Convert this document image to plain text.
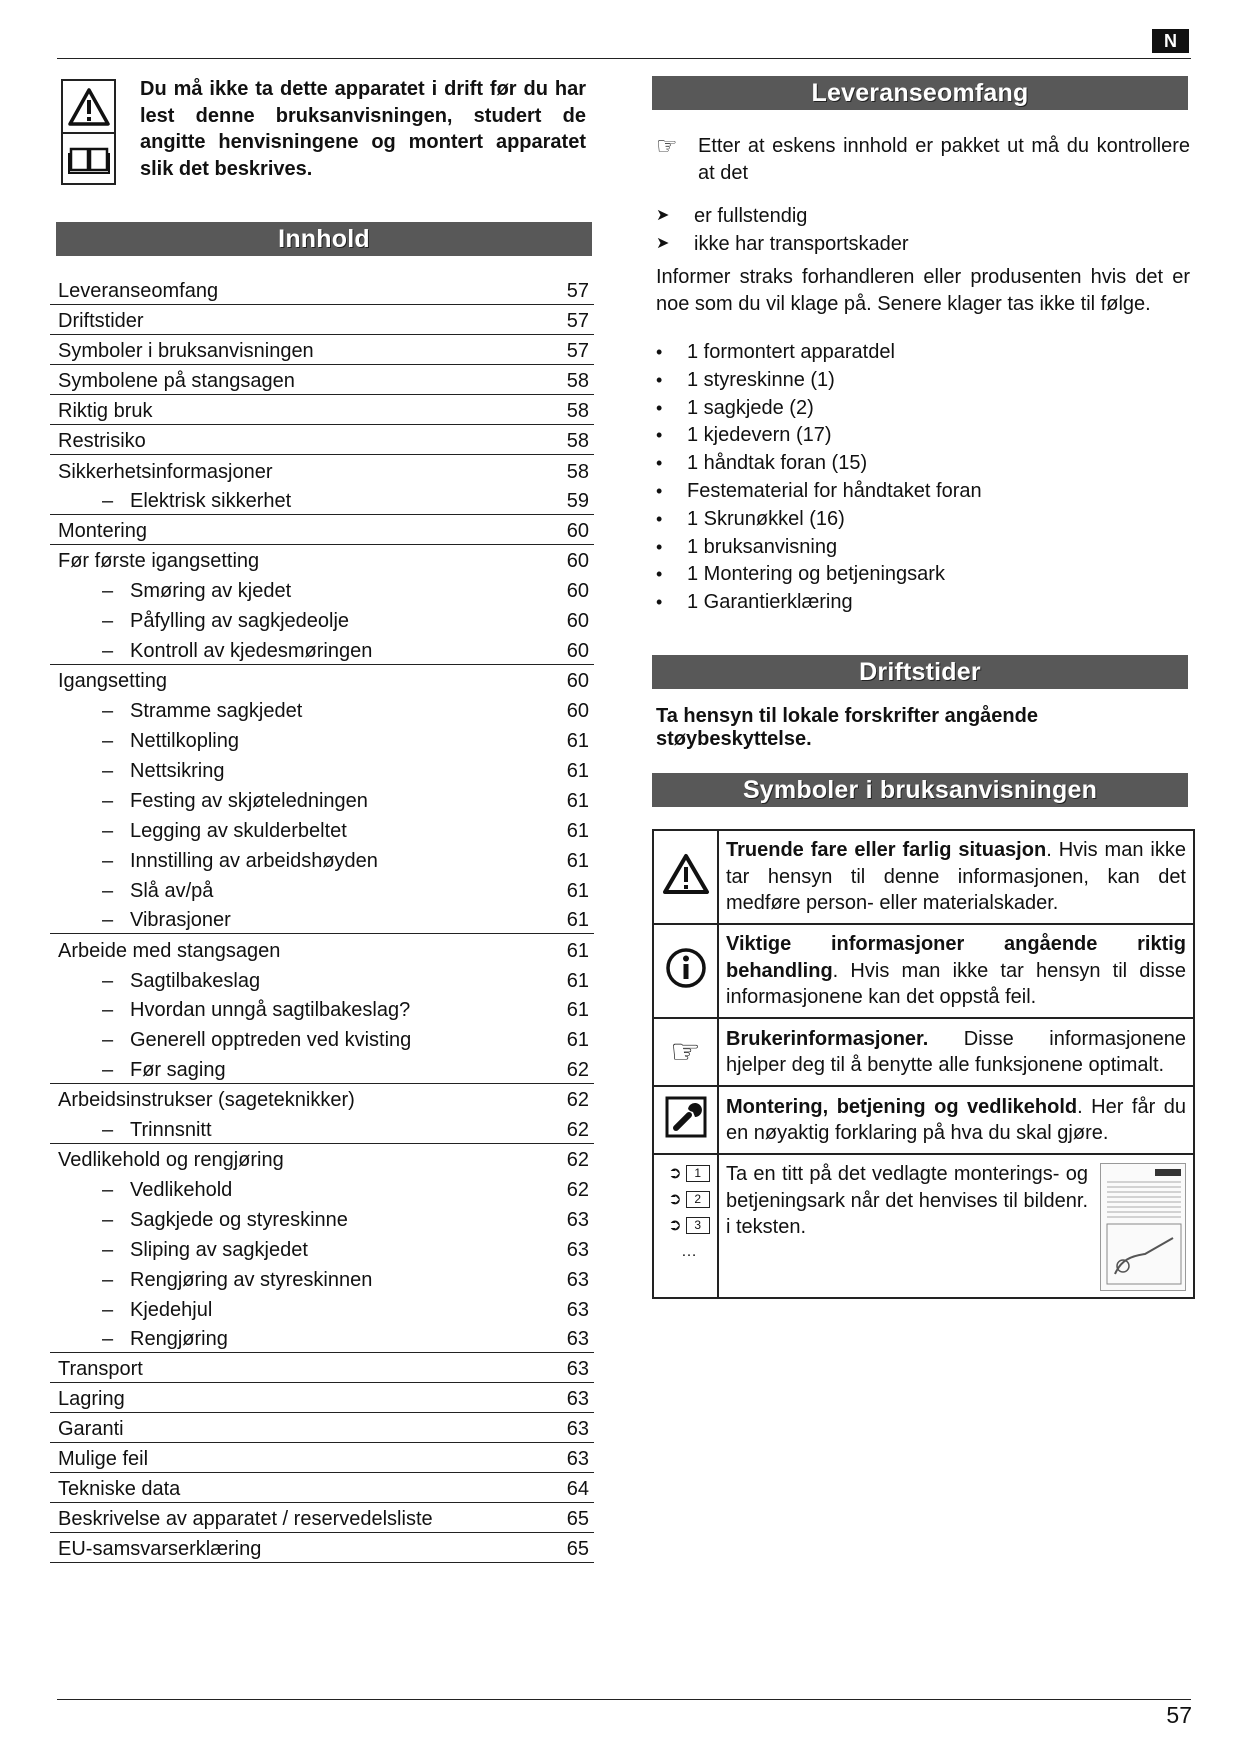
N
57
Du må ikke ta dette apparatet i drift før du har lest denne bruksanvisningen, studert de angitte henvisningene og montert apparatet slik det beskrives.
Innhold
Leveranseomfang	57
Driftstider	57
Symboler i bruksanvisningen	57
Symbolene på stangsagen	58
Riktig bruk	58
Restrisiko	58
Sikkerhetsinformasjoner	58
– Elektrisk sikkerhet	59
Montering	60
Før første igangsetting	60
– Smøring av kjedet	60
– Påfylling av sagkjedeolje	60
– Kontroll av kjedesmøringen	60
Igangsetting	60
– Stramme sagkjedet	60
– Nettilkopling	61
– Nettsikring	61
– Festing av skjøteledningen	61
– Legging av skulderbeltet	61
– Innstilling av arbeidshøyden	61
– Slå av/på	61
– Vibrasjoner	61
Arbeide med stangsagen	61
– Sagtilbakeslag	61
– Hvordan unngå sagtilbakeslag?	61
– Generell opptreden ved kvisting	61
– Før saging	62
Arbeidsinstrukser (sageteknikker)	62
– Trinnsnitt	62
Vedlikehold og rengjøring	62
– Vedlikehold	62
– Sagkjede og styreskinne	63
– Sliping av sagkjedet	63
– Rengjøring av styreskinnen	63
– Kjedehjul	63
– Rengjøring	63
Transport	63
Lagring	63
Garanti	63
Mulige feil	63
Tekniske data	64
Beskrivelse av apparatet / reservedelsliste	65
EU-samsvarserklæring	65
Leveranseomfang
☞	Etter at eskens innhold er pakket ut må du kontrollere at det
➤	er fullstendig
➤	ikke har transportskader
Informer straks forhandleren eller produsenten hvis det er noe som du vil klage på. Senere klager tas ikke til følge.
•	1 formontert apparatdel
•	1 styreskinne (1)
•	1 sagkjede (2)
•	1 kjedevern (17)
•	1 håndtak foran (15)
•	Festematerial for håndtaket foran
•	1 Skrunøkkel (16)
•	1 bruksanvisning
•	1 Montering og betjeningsark
•	1 Garantierklæring
Driftstider
Ta hensyn til lokale forskrifter angående støybeskyttelse.
Symboler i bruksanvisningen
	Truende fare eller farlig situasjon. Hvis man ikke tar hensyn til denne informasjonen, kan det medføre person- eller materialskader.
	Viktige informasjoner angående riktig behandling. Hvis man ikke tar hensyn til disse informasjonene kan det oppstå feil.
☞	Brukerinformasjoner. Disse informasjonene hjelper deg til å benytte alle funksjonene optimalt.
	Montering, betjening og vedlikehold. Her får du en nøyaktig forklaring på hva du skal gjøre.

➲ 1
➲ 2
➲ 3
…	Ta en titt på det vedlagte monterings- og betjeningsark når det henvises til bildenr. i teksten.
